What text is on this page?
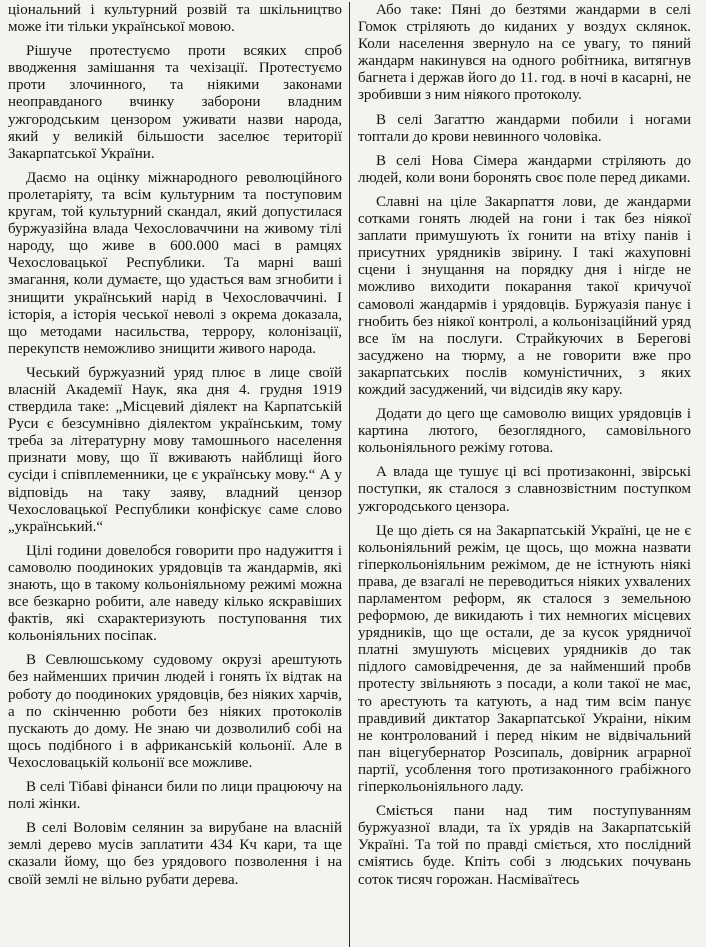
ціональний і культурний розвій та шкільництво може іти тільки української мовою.

Рішуче протестуємо проти всяких спроб вводження замішання та чехізації. Протестуємо проти злочинного, та ніякими законами неоправданого вчинку заборони владним ужгородським цензором уживати назви народа, який у великій більшости заселює території Закарпатської України.

Даємо на оцінку міжнародного революційного пролетаріяту, та всім культурним та поступовим кругам, той культурний скандал, який допустилася буржуазійна влада Чехословаччини на живому тілі народу, що живе в 600.000 масі в рамцях Чехословацької Республики. Та марні ваші змагання, коли думаєте, що удасться вам згнобити і знищити український нарід в Чехословаччині. І історія, а історія чеської неволі з окрема доказала, що методами насильства, террору, колонізації, перекупств неможливо знищити живого народа.

Чеський буржуазний уряд плює в лице своїй власній Академії Наук, яка дня 4. грудня 1919 ствердила таке: „Місцевий діялект на Карпатській Руси є безсумнівно діялектом українським, тому треба за літературну мову тамошнього населення признати мову, що її вживають найблищі його сусіди і співплеменники, це є українську мову.“ А у відповідь на таку заяву, владний цензор Чехословацької Республики конфіскує саме слово „український.“

Цілі години довелобся говорити про надужиття і самоволю поодиноких урядовців та жандармів, які знають, що в такому кольоніяльному режимі можна все безкарно робити, але наведу кілько яскравіших фактів, які схарактеризують поступовання тих кольоніяльних посіпак.

В Севлюшському судовому окрузі арештують без найменших причин людей і гонять їх відтак на роботу до поодиноких урядовців, без ніяких харчів, а по скінченню роботи без ніяких протоколів пускають до дому. Не знаю чи дозволилиб собі на щось подібного і в африканській кольонії. Але в Чехословацькій кольонії все можливе.

В селі Тібаві фінанси били по лици працюючу на полі жінки.

В селі Воловім селянин за вирубане на власній землі дерево мусів заплатити 434 Кч кари, та ще сказали йому, що без урядового позволення і на своїй землі не вільно рубати дерева.

Або таке: Пяні до безтями жандарми в селі Гомок стріляють до киданих у воздух склянок. Коли населення звернуло на се увагу, то пяний жандарм накинувся на одного робітника, витягнув багнета і держав його до 11. год. в ночі в касарні, не зробивши з ним ніякого протоколу.

В селі Загаттю жандарми побили і ногами топтали до крови невинного чоловіка.

В селі Нова Сімера жандарми стріляють до людей, коли вони боронять своє поле перед диками.

Славні на ціле Закарпаття лови, де жандарми сотками гонять людей на гони і так без ніякої заплати примушують їх гонити на втіху панів і присутних урядників звірину. І такі жахуповні сцени і знущання на порядку дня і нігде не можливо виходити покарання такої кричучої самоволі жандармів і урядовців. Буржуазія панує і гнобить без ніякої контролі, а кольонізаційний уряд все їм на послуги. Страйкуючих в Берегові засуджено на тюрму, а не говорити вже про закарпатських послів комуністичних, з яких кождий засуджений, чи відсидів яку кару.

Додати до цего ще самоволю вищих урядовців і картина лютого, безоглядного, самовільного кольоніяльного режіму готова.

А влада ще тушує ці всі протизаконні, звірські поступки, як сталося з славнозвістним поступком ужгородського цензора.

Це що діеть ся на Закарпатській Україні, це не є кольоніяльний режім, це щось, що можна назвати гіперкольоніяльним режімом, де не істнують ніякі права, де взагалі не переводиться ніяких ухвалених парламентом реформ, як сталося з земельною реформою, де викидають і тих немногих місцевих урядників, що ще остали, де за кусок урядничої платні змушують місцевих урядників до так підлого самовідречення, де за найменший пробв протесту звільняють з посади, а коли такої не має, то арестують та катують, а над тим всім панує правдивий диктатор Закарпатської Украіни, ніким не контролований і перед ніким не відвічальний пан віцегубернатор Розсипаль, довірник аграрної партії, усоблення того протизаконного грабіжного гіперкольоніяльного ладу.

Сміється пани над тим поступуванням буржуазної влади, та їх урядів на Закарпатській Україні. Та той по правді сміється, хто послідний сміятись буде. Кпіть собі з людських почувань соток тисяч горожан. Насміваїтесь
